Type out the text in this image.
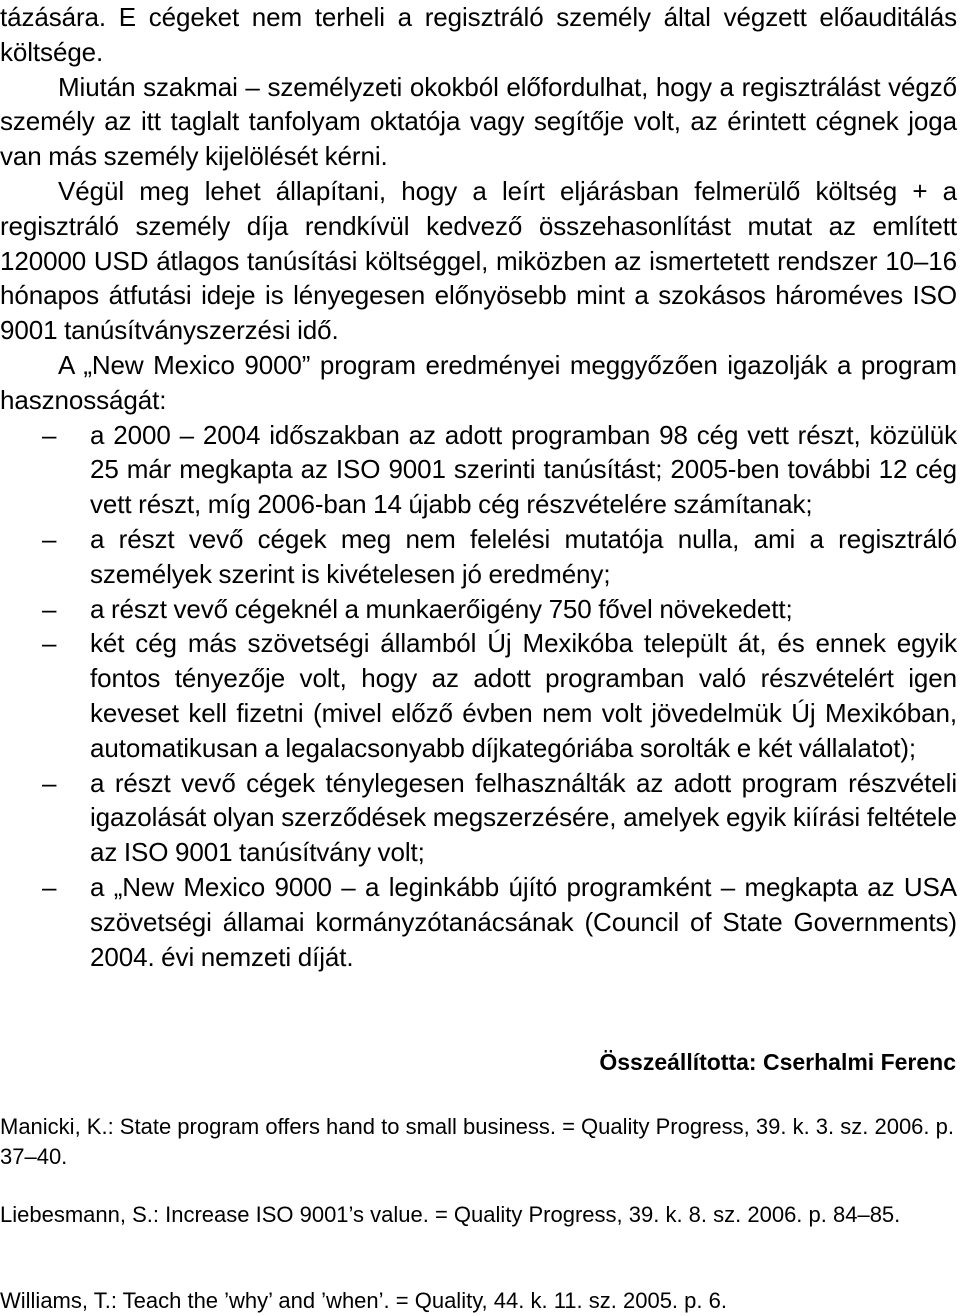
tázására. E cégeket nem terheli a regisztráló személy által végzett előauditálás költsége.

Miután szakmai – személyzeti okokból előfordulhat, hogy a regisztrálást végző személy az itt taglalt tanfolyam oktatója vagy segítője volt, az érintett cégnek joga van más személy kijelölését kérni.

Végül meg lehet állapítani, hogy a leírt eljárásban felmerülő költség + a regisztráló személy díja rendkívül kedvező összehasonlítást mutat az említett 120000 USD átlagos tanúsítási költséggel, miközben az ismertetett rendszer 10–16 hónapos átfutási ideje is lényegesen előnyösebb mint a szokásos hároméves ISO 9001 tanúsítványszerzési idő.

A „New Mexico 9000” program eredményei meggyőzően igazolják a program hasznosságát:

– a 2000 – 2004 időszakban az adott programban 98 cég vett részt, közülük 25 már megkapta az ISO 9001 szerinti tanúsítást; 2005-ben további 12 cég vett részt, míg 2006-ban 14 újabb cég részvételére számítanak;
– a részt vevő cégek meg nem felelési mutatója nulla, ami a regisztráló személyek szerint is kivételesen jó eredmény;
– a részt vevő cégeknél a munkaerőigény 750 fővel növekedett;
– két cég más szövetségi államból Új Mexikóba települt át, és ennek egyik fontos tényezője volt, hogy az adott programban való részvételért igen keveset kell fizetni (mivel előző évben nem volt jövedelmük Új Mexikóban, automatikusan a legalacsonyabb díjkategóriába sorolták e két vállalatot);
– a részt vevő cégek ténylegesen felhasználták az adott program részvételi igazolását olyan szerződések megszerzésére, amelyek egyik kiírási feltétele az ISO 9001 tanúsítvány volt;
– a „New Mexico 9000 – a leginkább újító programként – megkapta az USA szövetségi államai kormányzótanácsának (Council of State Governments) 2004. évi nemzeti díját.
Összeállította: Cserhalmi Ferenc

Manicki, K.: State program offers hand to small business. = Quality Progress, 39. k. 3. sz. 2006. p. 37–40.

Liebesmann, S.: Increase ISO 9001’s value. = Quality Progress, 39. k. 8. sz. 2006. p. 84–85.

Williams, T.: Teach the ’why’ and ’when’. = Quality, 44. k. 11. sz. 2005. p. 6.
